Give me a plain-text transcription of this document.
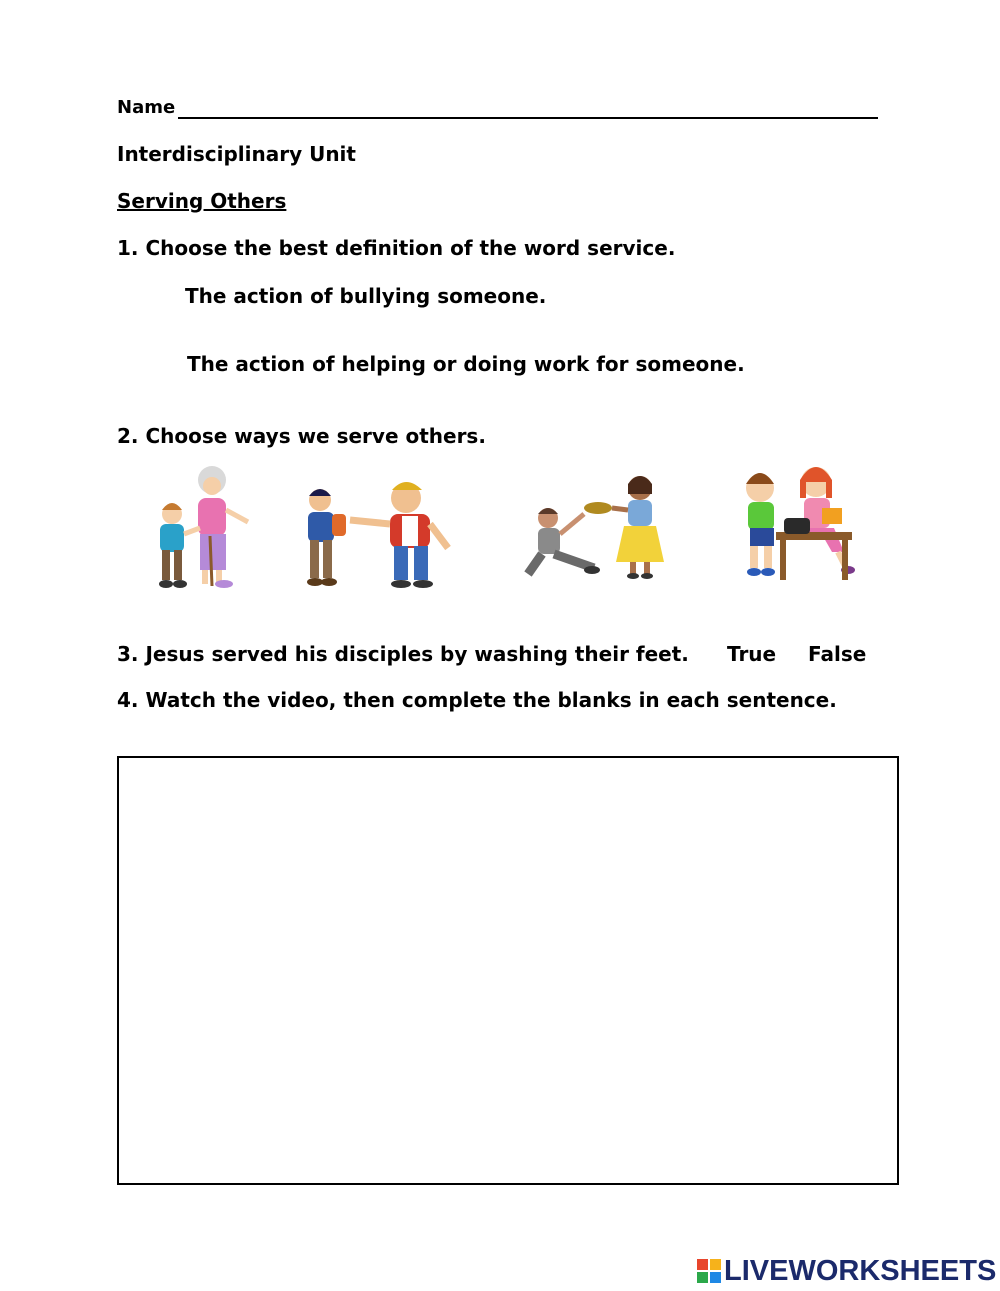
Name
Interdisciplinary Unit
Serving Others
1. Choose the best definition of the word service.
The action of bullying someone.
The action of helping or doing work for someone.
2. Choose ways we serve others.
3. Jesus served his disciples by washing their feet. True False
4. Watch the video, then complete the blanks in each sentence.
LIVEWORKSHEETS
